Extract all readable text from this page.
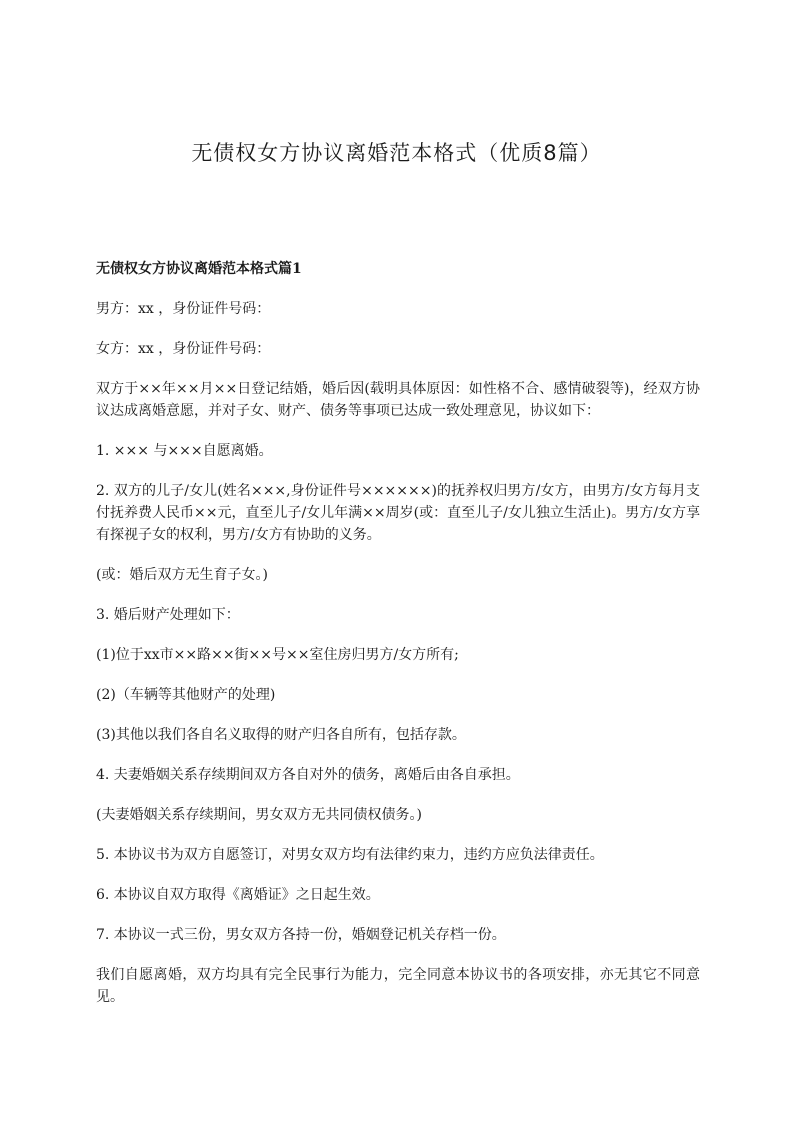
无债权女方协议离婚范本格式（优质8篇）

无债权女方协议离婚范本格式篇1

男方：xx ，身份证件号码：

女方：xx ，身份证件号码：

双方于××年××月××日登记结婚，婚后因(载明具体原因：如性格不合、感情破裂等)，经双方协议达成离婚意愿，并对子女、财产、债务等事项已达成一致处理意见，协议如下：

1. ××× 与×××自愿离婚。

2. 双方的儿子/女儿(姓名×××,身份证件号××××××)的抚养权归男方/女方，由男方/女方每月支付抚养费人民币××元，直至儿子/女儿年满××周岁(或：直至儿子/女儿独立生活止)。男方/女方享有探视子女的权利，男方/女方有协助的义务。

(或：婚后双方无生育子女。)

3. 婚后财产处理如下：

(1)位于xx市××路××街××号××室住房归男方/女方所有;

(2)（车辆等其他财产的处理)

(3)其他以我们各自名义取得的财产归各自所有，包括存款。

4. 夫妻婚姻关系存续期间双方各自对外的债务，离婚后由各自承担。

(夫妻婚姻关系存续期间，男女双方无共同债权债务。)

5. 本协议书为双方自愿签订，对男女双方均有法律约束力，违约方应负法律责任。

6. 本协议自双方取得《离婚证》之日起生效。

7. 本协议一式三份，男女双方各持一份，婚姻登记机关存档一份。

我们自愿离婚，双方均具有完全民事行为能力，完全同意本协议书的各项安排，亦无其它不同意见。
